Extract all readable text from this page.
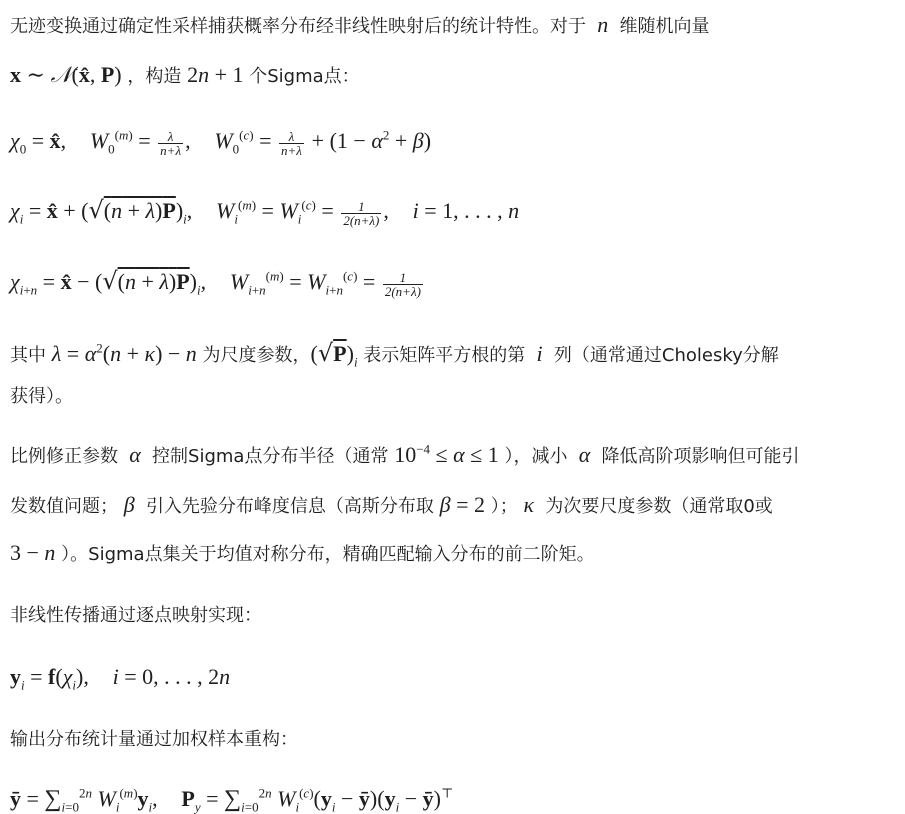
无迹变换通过确定性采样捕获概率分布经非线性映射后的统计特性。对于  n  维随机向量
x ∼ 𝒩(x̂, P) ，构造 2n + 1 个Sigma点：
$\chi_0$ = x̂, $W_0^{(m)} = \frac{\lambda}{n+\lambda}$ , $W_0^{(c)} = \frac{\lambda}{n+\lambda} + (1 - \alpha^2 + \beta)$
$\chi_i$ = x̂ + $(√(n + \lambda)P)_i$, $W_i^{(m)} = W_i^{(c)} = \frac{1}{2(n+\lambda)}$ , i = 1, . . . , n
$\chi_{i+n}$ = x̂ − $(√(n + \lambda)P)_i$, $W_{i+n}^{(m)} = W_{i+n}^{(c)} = \frac{1}{2(n+\lambda)}$
其中 $\lambda = \alpha^2(n + \kappa) - n$ 为尺度参数，$(√P)_i$ 表示矩阵平方根的第  i  列（通常通过Cholesky分解
获得）。
比例修正参数  α  控制Sigma点分布半径（通常 $10^{-4} \le \alpha \le 1$ ），减小  α  降低高阶项影响但可能引
发数值问题； β  引入先验分布峰度信息（高斯分布取 β = 2 ）； κ  为次要尺度参数（通常取0或
3 − n ）。Sigma点集关于均值对称分布，精确匹配输入分布的前二阶矩。
非线性传播通过逐点映射实现：
$y_i = f(\chi_i)$, i = 0, . . . , 2n
输出分布统计量通过加权样本重构：
ȳ = $\sum_{i=0}^{2n}$ $W_i^{(m)}y_i$, $P_y = \sum_{i=0}^{2n}$ $W_i^{(c)}(y_i$ − $ȳ)(y_i$ − ȳ)⊤
